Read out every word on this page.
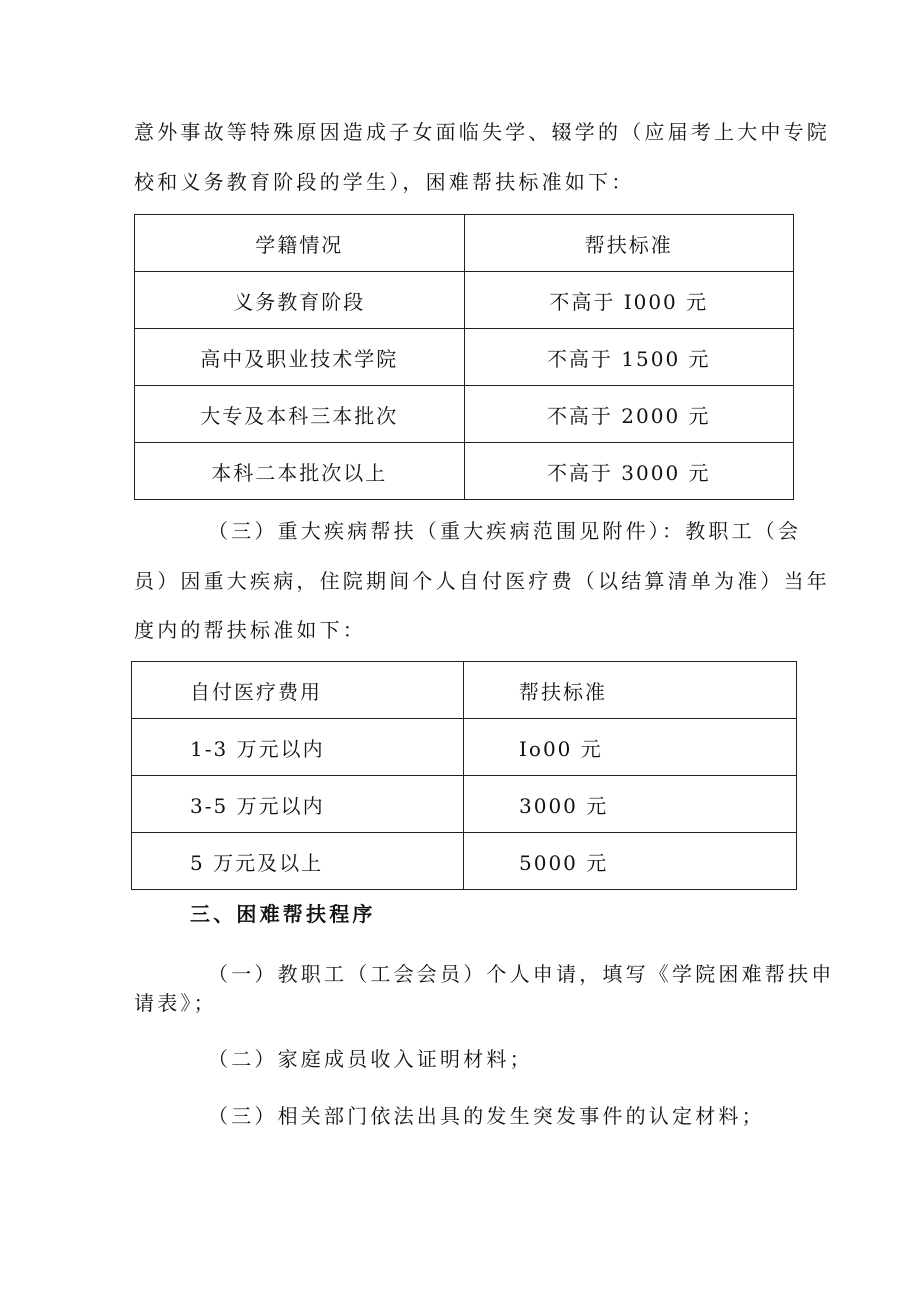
意外事故等特殊原因造成子女面临失学、辍学的（应届考上大中专院
校和义务教育阶段的学生），困难帮扶标准如下：
学籍情况	帮扶标准
义务教育阶段	不高于 I000 元
高中及职业技术学院	不高于 1500 元
大专及本科三本批次	不高于 2000 元
本科二本批次以上	不高于 3000 元
（三）重大疾病帮扶（重大疾病范围见附件）：教职工（会
员）因重大疾病，住院期间个人自付医疗费（以结算清单为准）当年
度内的帮扶标准如下：
自付医疗费用	帮扶标准
1-3 万元以内	Io00 元
3-5 万元以内	3000 元
5 万元及以上	5000 元
三、困难帮扶程序
（一）教职工（工会会员）个人申请，填写《学院困难帮扶申
请表》；
（二）家庭成员收入证明材料；
（三）相关部门依法出具的发生突发事件的认定材料；
